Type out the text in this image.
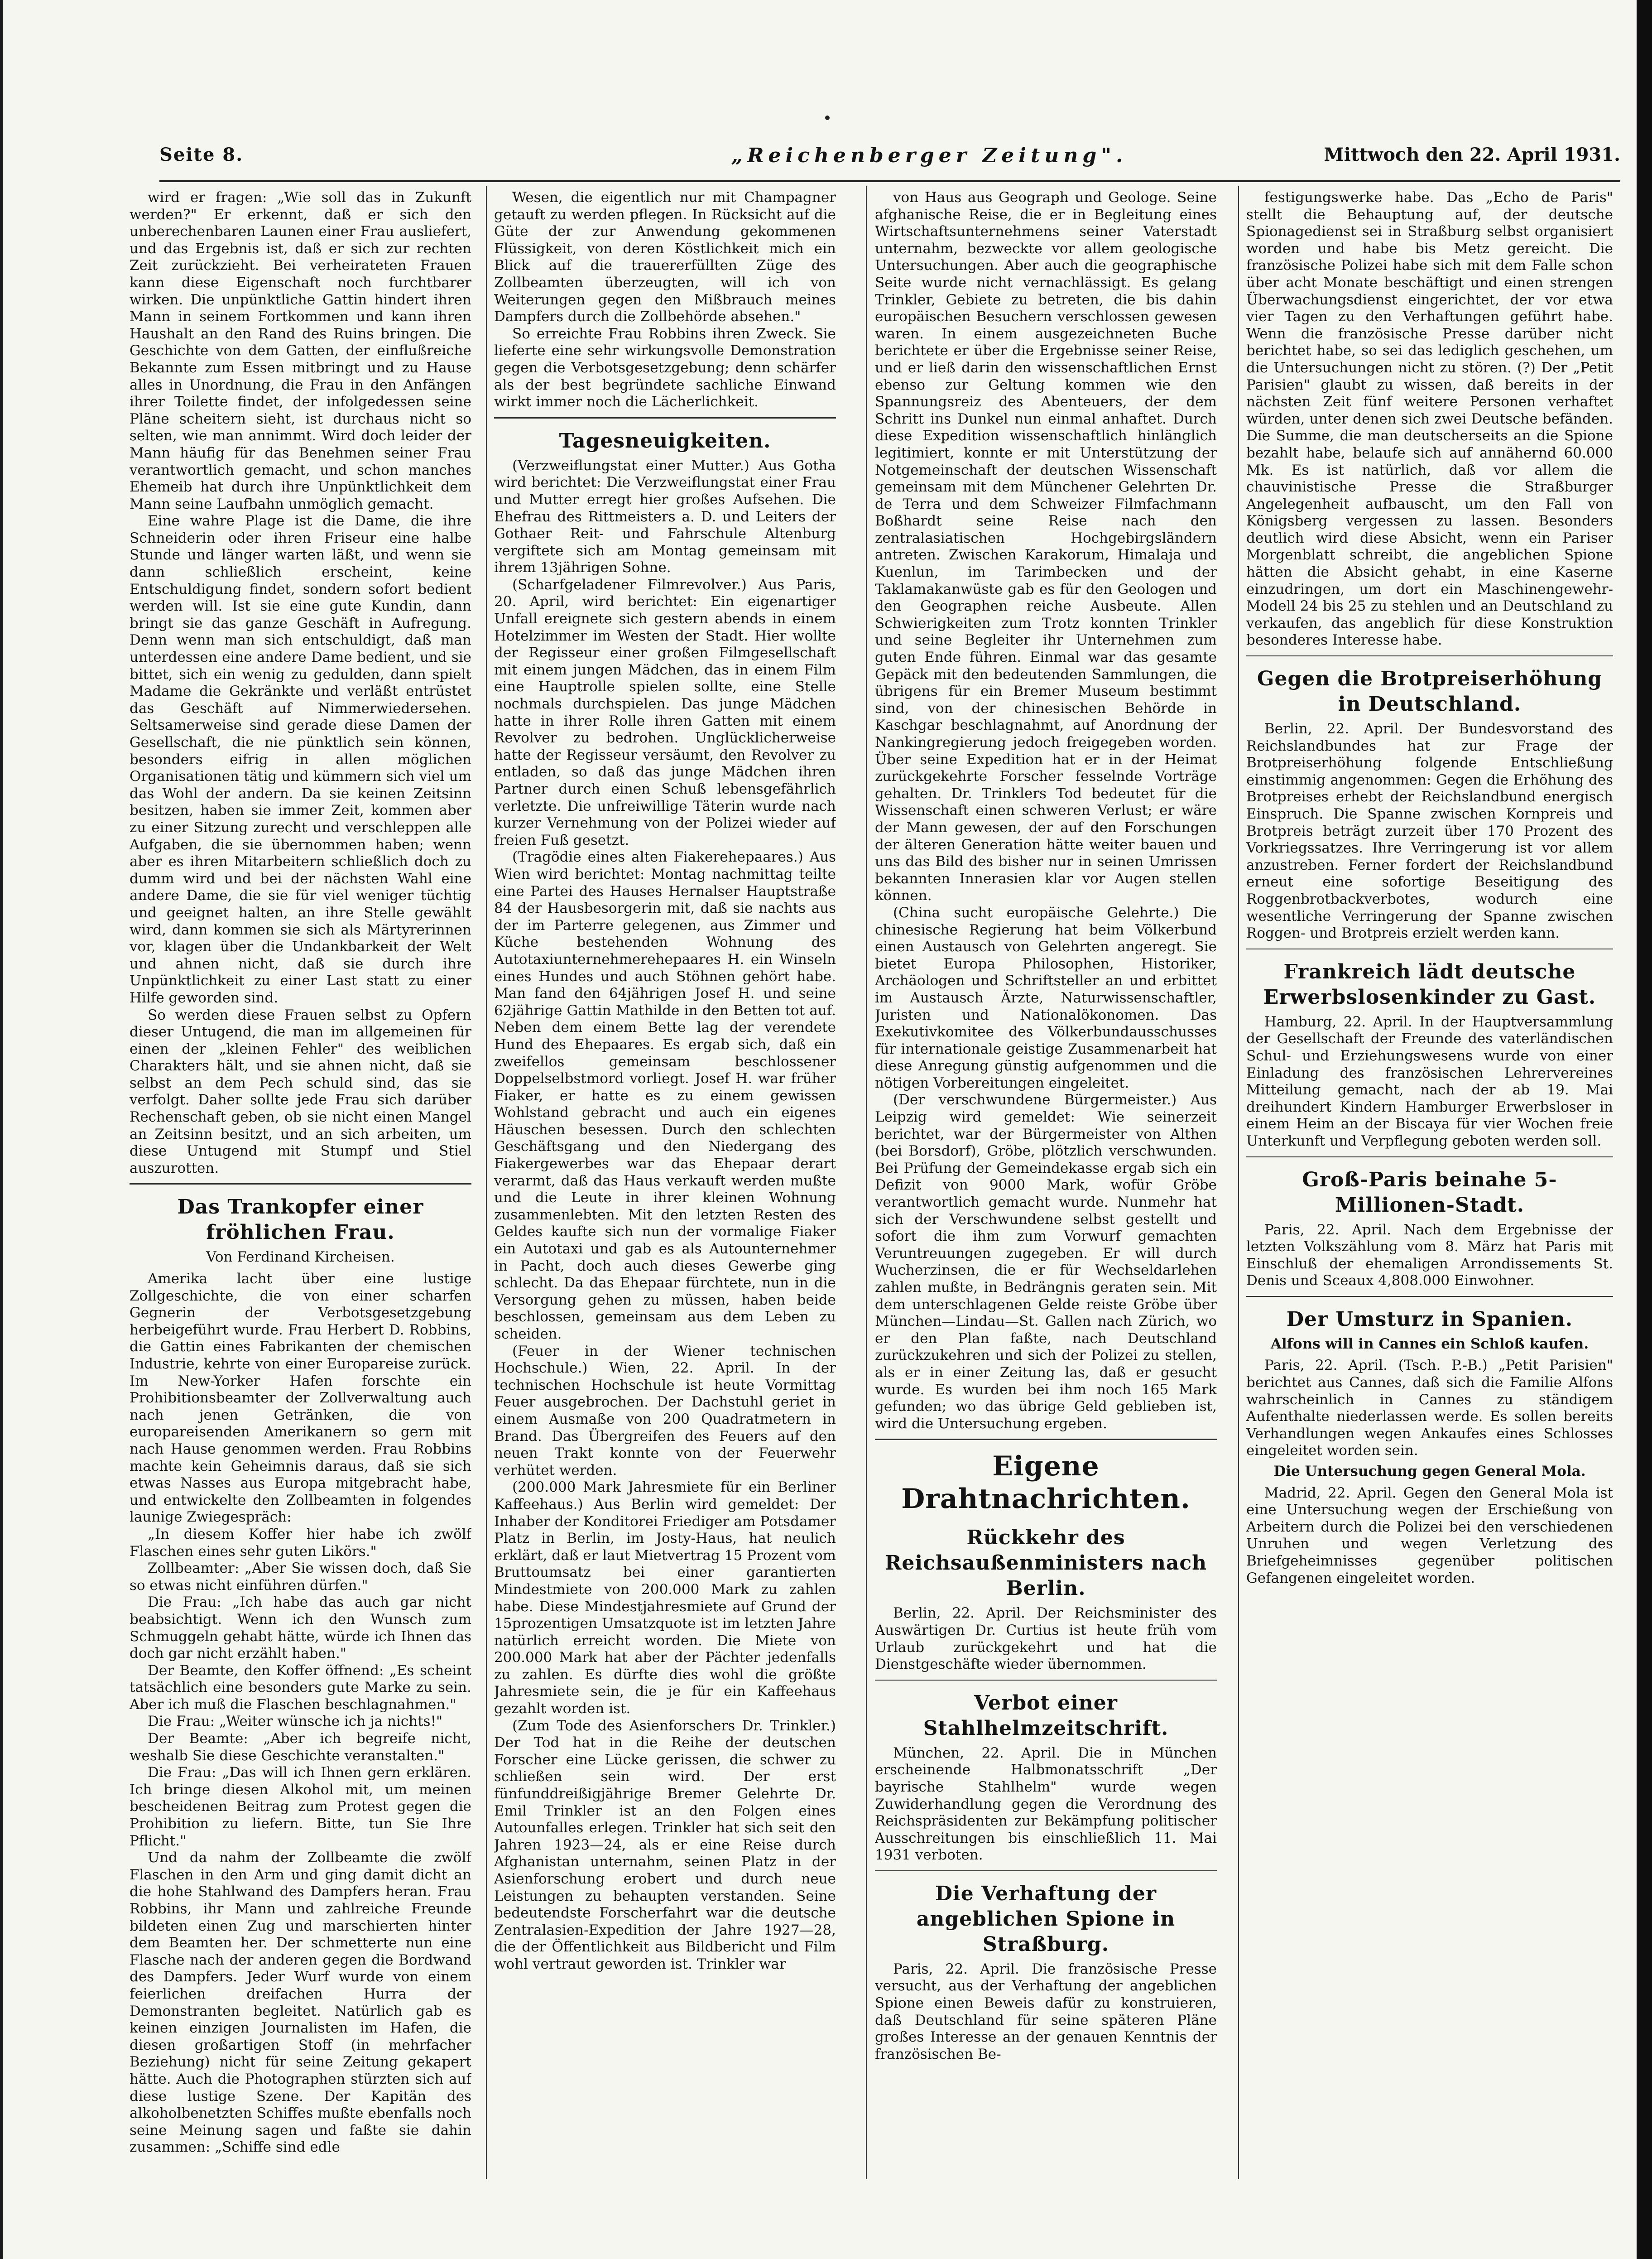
Seite 8.	„Reichenberger Zeitung".	Mittwoch den 22. April 1931.

wird er fragen: „Wie soll das in Zukunft werden?" Er erkennt, daß er sich den unberechenbaren Launen einer Frau ausliefert, und das Ergebnis ist, daß er sich zur rechten Zeit zurückzieht. Bei verheirateten Frauen kann diese Eigenschaft noch furchtbarer wirken. Die unpünktliche Gattin hindert ihren Mann in seinem Fortkommen und kann ihren Haushalt an den Rand des Ruins bringen. Die Geschichte von dem Gatten, der einflußreiche Bekannte zum Essen mitbringt und zu Hause alles in Unordnung, die Frau in den Anfängen ihrer Toilette findet, der infolgedessen seine Pläne scheitern sieht, ist durchaus nicht so selten, wie man annimmt. Wird doch leider der Mann häufig für das Benehmen seiner Frau verantwortlich gemacht, und schon manches Ehemeib hat durch ihre Unpünktlichkeit dem Mann seine Laufbahn unmöglich gemacht.

Eine wahre Plage ist die Dame, die ihre Schneiderin oder ihren Friseur eine halbe Stunde und länger warten läßt, und wenn sie dann schließlich erscheint, keine Entschuldigung findet, sondern sofort bedient werden will. Ist sie eine gute Kundin, dann bringt sie das ganze Geschäft in Aufregung. Denn wenn man sich entschuldigt, daß man unterdessen eine andere Dame bedient, und sie bittet, sich ein wenig zu gedulden, dann spielt Madame die Gekränkte und verläßt entrüstet das Geschäft auf Nimmerwiedersehen. Seltsamerweise sind gerade diese Damen der Gesellschaft, die nie pünktlich sein können, besonders eifrig in allen möglichen Organisationen tätig und kümmern sich viel um das Wohl der andern. Da sie keinen Zeitsinn besitzen, haben sie immer Zeit, kommen aber zu einer Sitzung zurecht und verschleppen alle Aufgaben, die sie übernommen haben; wenn aber es ihren Mitarbeitern schließlich doch zu dumm wird und bei der nächsten Wahl eine andere Dame, die sie für viel weniger tüchtig und geeignet halten, an ihre Stelle gewählt wird, dann kommen sie sich als Märtyrerinnen vor, klagen über die Undankbarkeit der Welt und ahnen nicht, daß sie durch ihre Unpünktlichkeit zu einer Last statt zu einer Hilfe geworden sind.

So werden diese Frauen selbst zu Opfern dieser Untugend, die man im allgemeinen für einen der „kleinen Fehler" des weiblichen Charakters hält, und sie ahnen nicht, daß sie selbst an dem Pech schuld sind, das sie verfolgt. Daher sollte jede Frau sich darüber Rechenschaft geben, ob sie nicht einen Mangel an Zeitsinn besitzt, und an sich arbeiten, um diese Untugend mit Stumpf und Stiel auszurotten.

Das Trankopfer einer fröhlichen Frau.

Von Ferdinand Kircheisen.

Amerika lacht über eine lustige Zollgeschichte, die von einer scharfen Gegnerin der Verbotsgesetzgebung herbeigeführt wurde. Frau Herbert D. Robbins, die Gattin eines Fabrikanten der chemischen Industrie, kehrte von einer Europareise zurück. Im New-Yorker Hafen forschte ein Prohibitionsbeamter der Zollverwaltung auch nach jenen Getränken, die von europareisenden Amerikanern so gern mit nach Hause genommen werden. Frau Robbins machte kein Geheimnis daraus, daß sie sich etwas Nasses aus Europa mitgebracht habe, und entwickelte den Zollbeamten in folgendes launige Zwiegespräch:

„In diesem Koffer hier habe ich zwölf Flaschen eines sehr guten Likörs."

Zollbeamter: „Aber Sie wissen doch, daß Sie so etwas nicht einführen dürfen."

Die Frau: „Ich habe das auch gar nicht beabsichtigt. Wenn ich den Wunsch zum Schmuggeln gehabt hätte, würde ich Ihnen das doch gar nicht erzählt haben."

Der Beamte, den Koffer öffnend: „Es scheint tatsächlich eine besonders gute Marke zu sein. Aber ich muß die Flaschen beschlagnahmen."

Die Frau: „Weiter wünsche ich ja nichts!"

Der Beamte: „Aber ich begreife nicht, weshalb Sie diese Geschichte veranstalten."

Die Frau: „Das will ich Ihnen gern erklären. Ich bringe diesen Alkohol mit, um meinen bescheidenen Beitrag zum Protest gegen die Prohibition zu liefern. Bitte, tun Sie Ihre Pflicht."

Und da nahm der Zollbeamte die zwölf Flaschen in den Arm und ging damit dicht an die hohe Stahlwand des Dampfers heran. Frau Robbins, ihr Mann und zahlreiche Freunde bildeten einen Zug und marschierten hinter dem Beamten her. Der schmetterte nun eine Flasche nach der anderen gegen die Bordwand des Dampfers. Jeder Wurf wurde von einem feierlichen dreifachen Hurra der Demonstranten begleitet. Natürlich gab es keinen einzigen Journalisten im Hafen, die diesen großartigen Stoff (in mehrfacher Beziehung) nicht für seine Zeitung gekapert hätte. Auch die Photographen stürzten sich auf diese lustige Szene. Der Kapitän des alkoholbenetzten Schiffes mußte ebenfalls noch seine Meinung sagen und faßte sie dahin zusammen: „Schiffe sind edle

Wesen, die eigentlich nur mit Champagner getauft zu werden pflegen. In Rücksicht auf die Güte der zur Anwendung gekommenen Flüssigkeit, von deren Köstlichkeit mich ein Blick auf die trauererfüllten Züge des Zollbeamten überzeugten, will ich von Weiterungen gegen den Mißbrauch meines Dampfers durch die Zollbehörde absehen."

So erreichte Frau Robbins ihren Zweck. Sie lieferte eine sehr wirkungsvolle Demonstration gegen die Verbotsgesetzgebung; denn schärfer als der best begründete sachliche Einwand wirkt immer noch die Lächerlichkeit.

Tagesneuigkeiten.

(Verzweiflungstat einer Mutter.) Aus Gotha wird berichtet: Die Verzweiflungstat einer Frau und Mutter erregt hier großes Aufsehen. Die Ehefrau des Rittmeisters a. D. und Leiters der Gothaer Reit- und Fahrschule Altenburg vergiftete sich am Montag gemeinsam mit ihrem 13jährigen Sohne.

(Scharfgeladener Filmrevolver.) Aus Paris, 20. April, wird berichtet: Ein eigenartiger Unfall ereignete sich gestern abends in einem Hotelzimmer im Westen der Stadt. Hier wollte der Regisseur einer großen Filmgesellschaft mit einem jungen Mädchen, das in einem Film eine Hauptrolle spielen sollte, eine Stelle nochmals durchspielen. Das junge Mädchen hatte in ihrer Rolle ihren Gatten mit einem Revolver zu bedrohen. Unglücklicherweise hatte der Regisseur versäumt, den Revolver zu entladen, so daß das junge Mädchen ihren Partner durch einen Schuß lebensgefährlich verletzte. Die unfreiwillige Täterin wurde nach kurzer Vernehmung von der Polizei wieder auf freien Fuß gesetzt.

(Tragödie eines alten Fiakerehepaares.) Aus Wien wird berichtet: Montag nachmittag teilte eine Partei des Hauses Hernalser Hauptstraße 84 der Hausbesorgerin mit, daß sie nachts aus der im Parterre gelegenen, aus Zimmer und Küche bestehenden Wohnung des Autotaxiunternehmerehepaares H. ein Winseln eines Hundes und auch Stöhnen gehört habe. Man fand den 64jährigen Josef H. und seine 62jährige Gattin Mathilde in den Betten tot auf. Neben dem einem Bette lag der verendete Hund des Ehepaares. Es ergab sich, daß ein zweifellos gemeinsam beschlossener Doppelselbstmord vorliegt. Josef H. war früher Fiaker, er hatte es zu einem gewissen Wohlstand gebracht und auch ein eigenes Häuschen besessen. Durch den schlechten Geschäftsgang und den Niedergang des Fiakergewerbes war das Ehepaar derart verarmt, daß das Haus verkauft werden mußte und die Leute in ihrer kleinen Wohnung zusammenlebten. Mit den letzten Resten des Geldes kaufte sich nun der vormalige Fiaker ein Autotaxi und gab es als Autounternehmer in Pacht, doch auch dieses Gewerbe ging schlecht. Da das Ehepaar fürchtete, nun in die Versorgung gehen zu müssen, haben beide beschlossen, gemeinsam aus dem Leben zu scheiden.

(Feuer in der Wiener technischen Hochschule.) Wien, 22. April. In der technischen Hochschule ist heute Vormittag Feuer ausgebrochen. Der Dachstuhl geriet in einem Ausmaße von 200 Quadratmetern in Brand. Das Übergreifen des Feuers auf den neuen Trakt konnte von der Feuerwehr verhütet werden.

(200.000 Mark Jahresmiete für ein Berliner Kaffeehaus.) Aus Berlin wird gemeldet: Der Inhaber der Konditorei Friediger am Potsdamer Platz in Berlin, im Josty-Haus, hat neulich erklärt, daß er laut Mietvertrag 15 Prozent vom Bruttoumsatz bei einer garantierten Mindestmiete von 200.000 Mark zu zahlen habe. Diese Mindestjahresmiete auf Grund der 15prozentigen Umsatzquote ist im letzten Jahre natürlich erreicht worden. Die Miete von 200.000 Mark hat aber der Pächter jedenfalls zu zahlen. Es dürfte dies wohl die größte Jahresmiete sein, die je für ein Kaffeehaus gezahlt worden ist.

(Zum Tode des Asienforschers Dr. Trinkler.) Der Tod hat in die Reihe der deutschen Forscher eine Lücke gerissen, die schwer zu schließen sein wird. Der erst fünfunddreißigjährige Bremer Gelehrte Dr. Emil Trinkler ist an den Folgen eines Autounfalles erlegen. Trinkler hat sich seit den Jahren 1923—24, als er eine Reise durch Afghanistan unternahm, seinen Platz in der Asienforschung erobert und durch neue Leistungen zu behaupten verstanden. Seine bedeutendste Forscherfahrt war die deutsche Zentralasien-Expedition der Jahre 1927—28, die der Öffentlichkeit aus Bildbericht und Film wohl vertraut geworden ist. Trinkler war

von Haus aus Geograph und Geologe. Seine afghanische Reise, die er in Begleitung eines Wirtschaftsunternehmens seiner Vaterstadt unternahm, bezweckte vor allem geologische Untersuchungen. Aber auch die geographische Seite wurde nicht vernachlässigt. Es gelang Trinkler, Gebiete zu betreten, die bis dahin europäischen Besuchern verschlossen gewesen waren. In einem ausgezeichneten Buche berichtete er über die Ergebnisse seiner Reise, und er ließ darin den wissenschaftlichen Ernst ebenso zur Geltung kommen wie den Spannungsreiz des Abenteuers, der dem Schritt ins Dunkel nun einmal anhaftet. Durch diese Expedition wissenschaftlich hinlänglich legitimiert, konnte er mit Unterstützung der Notgemeinschaft der deutschen Wissenschaft gemeinsam mit dem Münchener Gelehrten Dr. de Terra und dem Schweizer Filmfachmann Boßhardt seine Reise nach den zentralasiatischen Hochgebirgsländern antreten. Zwischen Karakorum, Himalaja und Kuenlun, im Tarimbecken und der Taklamakanwüste gab es für den Geologen und den Geographen reiche Ausbeute. Allen Schwierigkeiten zum Trotz konnten Trinkler und seine Begleiter ihr Unternehmen zum guten Ende führen. Einmal war das gesamte Gepäck mit den bedeutenden Sammlungen, die übrigens für ein Bremer Museum bestimmt sind, von der chinesischen Behörde in Kaschgar beschlagnahmt, auf Anordnung der Nankingregierung jedoch freigegeben worden. Über seine Expedition hat er in der Heimat zurückgekehrte Forscher fesselnde Vorträge gehalten. Dr. Trinklers Tod bedeutet für die Wissenschaft einen schweren Verlust; er wäre der Mann gewesen, der auf den Forschungen der älteren Generation hätte weiter bauen und uns das Bild des bisher nur in seinen Umrissen bekannten Innerasien klar vor Augen stellen können.

(China sucht europäische Gelehrte.) Die chinesische Regierung hat beim Völkerbund einen Austausch von Gelehrten angeregt. Sie bietet Europa Philosophen, Historiker, Archäologen und Schriftsteller an und erbittet im Austausch Ärzte, Naturwissenschaftler, Juristen und Nationalökonomen. Das Exekutivkomitee des Völkerbundausschusses für internationale geistige Zusammenarbeit hat diese Anregung günstig aufgenommen und die nötigen Vorbereitungen eingeleitet.

(Der verschwundene Bürgermeister.) Aus Leipzig wird gemeldet: Wie seinerzeit berichtet, war der Bürgermeister von Althen (bei Borsdorf), Gröbe, plötzlich verschwunden. Bei Prüfung der Gemeindekasse ergab sich ein Defizit von 9000 Mark, wofür Gröbe verantwortlich gemacht wurde. Nunmehr hat sich der Verschwundene selbst gestellt und sofort die ihm zum Vorwurf gemachten Veruntreuungen zugegeben. Er will durch Wucherzinsen, die er für Wechseldarlehen zahlen mußte, in Bedrängnis geraten sein. Mit dem unterschlagenen Gelde reiste Gröbe über München—Lindau—St. Gallen nach Zürich, wo er den Plan faßte, nach Deutschland zurückzukehren und sich der Polizei zu stellen, als er in einer Zeitung las, daß er gesucht wurde. Es wurden bei ihm noch 165 Mark gefunden; wo das übrige Geld geblieben ist, wird die Untersuchung ergeben.

Eigene Drahtnachrichten.

Rückkehr des Reichsaußenministers nach Berlin.

Berlin, 22. April. Der Reichsminister des Auswärtigen Dr. Curtius ist heute früh vom Urlaub zurückgekehrt und hat die Dienstgeschäfte wieder übernommen.

Verbot einer Stahlhelmzeitschrift.

München, 22. April. Die in München erscheinende Halbmonatsschrift „Der bayrische Stahlhelm" wurde wegen Zuwiderhandlung gegen die Verordnung des Reichspräsidenten zur Bekämpfung politischer Ausschreitungen bis einschließlich 11. Mai 1931 verboten.

Die Verhaftung der angeblichen Spione in Straßburg.

Paris, 22. April. Die französische Presse versucht, aus der Verhaftung der angeblichen Spione einen Beweis dafür zu konstruieren, daß Deutschland für seine späteren Pläne großes Interesse an der genauen Kenntnis der französischen Be-

festigungswerke habe. Das „Echo de Paris" stellt die Behauptung auf, der deutsche Spionagedienst sei in Straßburg selbst organisiert worden und habe bis Metz gereicht. Die französische Polizei habe sich mit dem Falle schon über acht Monate beschäftigt und einen strengen Überwachungsdienst eingerichtet, der vor etwa vier Tagen zu den Verhaftungen geführt habe. Wenn die französische Presse darüber nicht berichtet habe, so sei das lediglich geschehen, um die Untersuchungen nicht zu stören. (?) Der „Petit Parisien" glaubt zu wissen, daß bereits in der nächsten Zeit fünf weitere Personen verhaftet würden, unter denen sich zwei Deutsche befänden. Die Summe, die man deutscherseits an die Spione bezahlt habe, belaufe sich auf annähernd 60.000 Mk. Es ist natürlich, daß vor allem die chauvinistische Presse die Straßburger Angelegenheit aufbauscht, um den Fall von Königsberg vergessen zu lassen. Besonders deutlich wird diese Absicht, wenn ein Pariser Morgenblatt schreibt, die angeblichen Spione hätten die Absicht gehabt, in eine Kaserne einzudringen, um dort ein Maschinengewehr-Modell 24 bis 25 zu stehlen und an Deutschland zu verkaufen, das angeblich für diese Konstruktion besonderes Interesse habe.

Gegen die Brotpreiserhöhung in Deutschland.

Berlin, 22. April. Der Bundesvorstand des Reichslandbundes hat zur Frage der Brotpreiserhöhung folgende Entschließung einstimmig angenommen: Gegen die Erhöhung des Brotpreises erhebt der Reichslandbund energisch Einspruch. Die Spanne zwischen Kornpreis und Brotpreis beträgt zurzeit über 170 Prozent des Vorkriegssatzes. Ihre Verringerung ist vor allem anzustreben. Ferner fordert der Reichslandbund erneut eine sofortige Beseitigung des Roggenbrotbackverbotes, wodurch eine wesentliche Verringerung der Spanne zwischen Roggen- und Brotpreis erzielt werden kann.

Frankreich lädt deutsche Erwerbslosenkinder zu Gast.

Hamburg, 22. April. In der Hauptversammlung der Gesellschaft der Freunde des vaterländischen Schul- und Erziehungswesens wurde von einer Einladung des französischen Lehrervereines Mitteilung gemacht, nach der ab 19. Mai dreihundert Kindern Hamburger Erwerbsloser in einem Heim an der Biscaya für vier Wochen freie Unterkunft und Verpflegung geboten werden soll.

Groß-Paris beinahe 5-Millionen-Stadt.

Paris, 22. April. Nach dem Ergebnisse der letzten Volkszählung vom 8. März hat Paris mit Einschluß der ehemaligen Arrondissements St. Denis und Sceaux 4,808.000 Einwohner.

Der Umsturz in Spanien.

Alfons will in Cannes ein Schloß kaufen.

Paris, 22. April. (Tsch. P.-B.) „Petit Parisien" berichtet aus Cannes, daß sich die Familie Alfons wahrscheinlich in Cannes zu ständigem Aufenthalte niederlassen werde. Es sollen bereits Verhandlungen wegen Ankaufes eines Schlosses eingeleitet worden sein.

Die Untersuchung gegen General Mola.

Madrid, 22. April. Gegen den General Mola ist eine Untersuchung wegen der Erschießung von Arbeitern durch die Polizei bei den verschiedenen Unruhen und wegen Verletzung des Briefgeheimnisses gegenüber politischen Gefangenen eingeleitet worden.
